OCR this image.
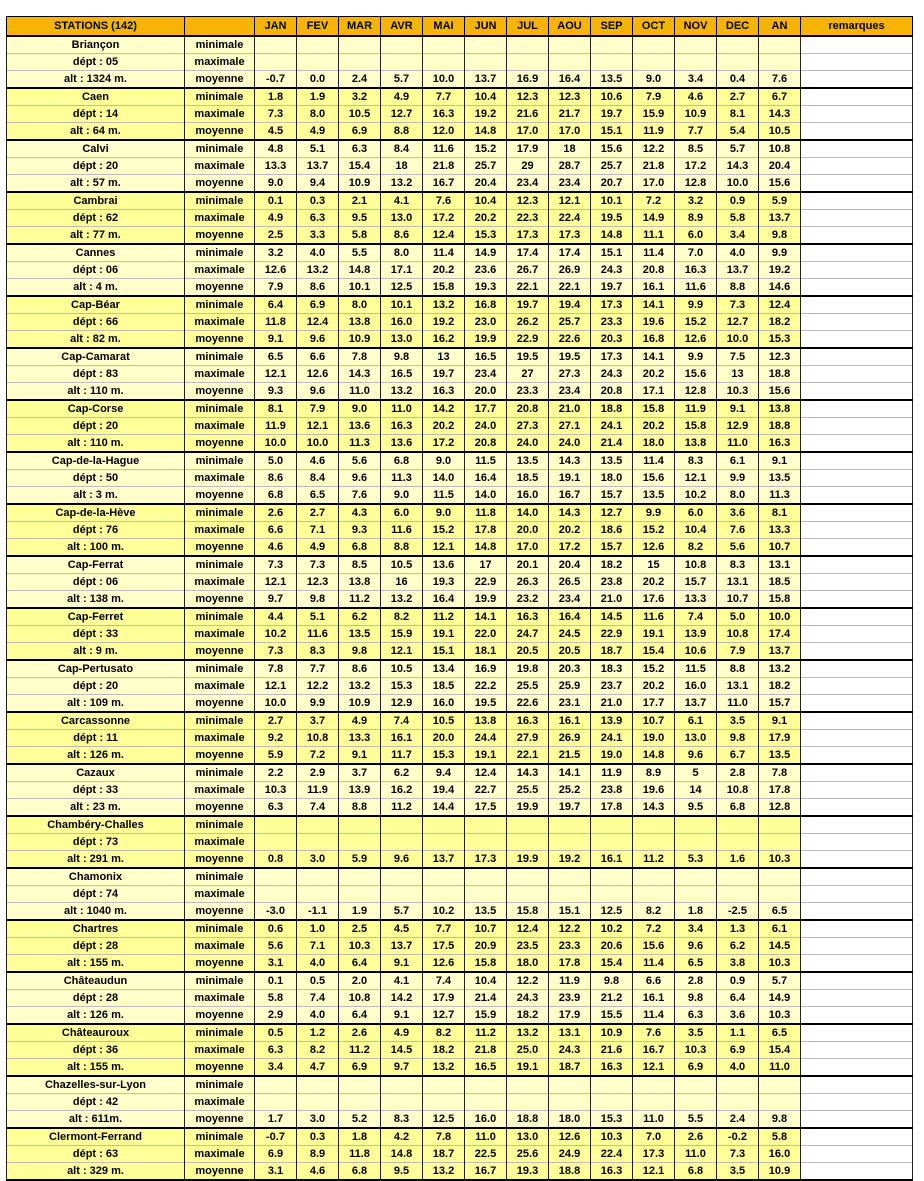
STATIONS (142)		JAN	FEV	MAR	AVR	MAI	JUN	JUL	AOU	SEP	OCT	NOV	DEC	AN	remarques
Briançon	minimale														
dépt : 05	maximale														
alt : 1324 m.	moyenne	-0.7	0.0	2.4	5.7	10.0	13.7	16.9	16.4	13.5	9.0	3.4	0.4	7.6	
Caen	minimale	1.8	1.9	3.2	4.9	7.7	10.4	12.3	12.3	10.6	7.9	4.6	2.7	6.7	
dépt : 14	maximale	7.3	8.0	10.5	12.7	16.3	19.2	21.6	21.7	19.7	15.9	10.9	8.1	14.3	
alt : 64 m.	moyenne	4.5	4.9	6.9	8.8	12.0	14.8	17.0	17.0	15.1	11.9	7.7	5.4	10.5	
Calvi	minimale	4.8	5.1	6.3	8.4	11.6	15.2	17.9	18	15.6	12.2	8.5	5.7	10.8	
dépt : 20	maximale	13.3	13.7	15.4	18	21.8	25.7	29	28.7	25.7	21.8	17.2	14.3	20.4	
alt : 57 m.	moyenne	9.0	9.4	10.9	13.2	16.7	20.4	23.4	23.4	20.7	17.0	12.8	10.0	15.6	
Cambrai	minimale	0.1	0.3	2.1	4.1	7.6	10.4	12.3	12.1	10.1	7.2	3.2	0.9	5.9	
dépt : 62	maximale	4.9	6.3	9.5	13.0	17.2	20.2	22.3	22.4	19.5	14.9	8.9	5.8	13.7	
alt : 77 m.	moyenne	2.5	3.3	5.8	8.6	12.4	15.3	17.3	17.3	14.8	11.1	6.0	3.4	9.8	
Cannes	minimale	3.2	4.0	5.5	8.0	11.4	14.9	17.4	17.4	15.1	11.4	7.0	4.0	9.9	
dépt : 06	maximale	12.6	13.2	14.8	17.1	20.2	23.6	26.7	26.9	24.3	20.8	16.3	13.7	19.2	
alt : 4 m.	moyenne	7.9	8.6	10.1	12.5	15.8	19.3	22.1	22.1	19.7	16.1	11.6	8.8	14.6	
Cap-Béar	minimale	6.4	6.9	8.0	10.1	13.2	16.8	19.7	19.4	17.3	14.1	9.9	7.3	12.4	
dépt : 66	maximale	11.8	12.4	13.8	16.0	19.2	23.0	26.2	25.7	23.3	19.6	15.2	12.7	18.2	
alt : 82 m.	moyenne	9.1	9.6	10.9	13.0	16.2	19.9	22.9	22.6	20.3	16.8	12.6	10.0	15.3	
Cap-Camarat	minimale	6.5	6.6	7.8	9.8	13	16.5	19.5	19.5	17.3	14.1	9.9	7.5	12.3	
dépt : 83	maximale	12.1	12.6	14.3	16.5	19.7	23.4	27	27.3	24.3	20.2	15.6	13	18.8	
alt : 110 m.	moyenne	9.3	9.6	11.0	13.2	16.3	20.0	23.3	23.4	20.8	17.1	12.8	10.3	15.6	
Cap-Corse	minimale	8.1	7.9	9.0	11.0	14.2	17.7	20.8	21.0	18.8	15.8	11.9	9.1	13.8	
dépt : 20	maximale	11.9	12.1	13.6	16.3	20.2	24.0	27.3	27.1	24.1	20.2	15.8	12.9	18.8	
alt : 110 m.	moyenne	10.0	10.0	11.3	13.6	17.2	20.8	24.0	24.0	21.4	18.0	13.8	11.0	16.3	
Cap-de-la-Hague	minimale	5.0	4.6	5.6	6.8	9.0	11.5	13.5	14.3	13.5	11.4	8.3	6.1	9.1	
dépt : 50	maximale	8.6	8.4	9.6	11.3	14.0	16.4	18.5	19.1	18.0	15.6	12.1	9.9	13.5	
alt : 3 m.	moyenne	6.8	6.5	7.6	9.0	11.5	14.0	16.0	16.7	15.7	13.5	10.2	8.0	11.3	
Cap-de-la-Hève	minimale	2.6	2.7	4.3	6.0	9.0	11.8	14.0	14.3	12.7	9.9	6.0	3.6	8.1	
dépt : 76	maximale	6.6	7.1	9.3	11.6	15.2	17.8	20.0	20.2	18.6	15.2	10.4	7.6	13.3	
alt : 100 m.	moyenne	4.6	4.9	6.8	8.8	12.1	14.8	17.0	17.2	15.7	12.6	8.2	5.6	10.7	
Cap-Ferrat	minimale	7.3	7.3	8.5	10.5	13.6	17	20.1	20.4	18.2	15	10.8	8.3	13.1	
dépt : 06	maximale	12.1	12.3	13.8	16	19.3	22.9	26.3	26.5	23.8	20.2	15.7	13.1	18.5	
alt : 138 m.	moyenne	9.7	9.8	11.2	13.2	16.4	19.9	23.2	23.4	21.0	17.6	13.3	10.7	15.8	
Cap-Ferret	minimale	4.4	5.1	6.2	8.2	11.2	14.1	16.3	16.4	14.5	11.6	7.4	5.0	10.0	
dépt : 33	maximale	10.2	11.6	13.5	15.9	19.1	22.0	24.7	24.5	22.9	19.1	13.9	10.8	17.4	
alt : 9 m.	moyenne	7.3	8.3	9.8	12.1	15.1	18.1	20.5	20.5	18.7	15.4	10.6	7.9	13.7	
Cap-Pertusato	minimale	7.8	7.7	8.6	10.5	13.4	16.9	19.8	20.3	18.3	15.2	11.5	8.8	13.2	
dépt : 20	maximale	12.1	12.2	13.2	15.3	18.5	22.2	25.5	25.9	23.7	20.2	16.0	13.1	18.2	
alt : 109 m.	moyenne	10.0	9.9	10.9	12.9	16.0	19.5	22.6	23.1	21.0	17.7	13.7	11.0	15.7	
Carcassonne	minimale	2.7	3.7	4.9	7.4	10.5	13.8	16.3	16.1	13.9	10.7	6.1	3.5	9.1	
dépt : 11	maximale	9.2	10.8	13.3	16.1	20.0	24.4	27.9	26.9	24.1	19.0	13.0	9.8	17.9	
alt : 126 m.	moyenne	5.9	7.2	9.1	11.7	15.3	19.1	22.1	21.5	19.0	14.8	9.6	6.7	13.5	
Cazaux	minimale	2.2	2.9	3.7	6.2	9.4	12.4	14.3	14.1	11.9	8.9	5	2.8	7.8	
dépt : 33	maximale	10.3	11.9	13.9	16.2	19.4	22.7	25.5	25.2	23.8	19.6	14	10.8	17.8	
alt : 23 m.	moyenne	6.3	7.4	8.8	11.2	14.4	17.5	19.9	19.7	17.8	14.3	9.5	6.8	12.8	
Chambéry-Challes	minimale														
dépt : 73	maximale														
alt : 291 m.	moyenne	0.8	3.0	5.9	9.6	13.7	17.3	19.9	19.2	16.1	11.2	5.3	1.6	10.3	
Chamonix	minimale														
dépt : 74	maximale														
alt : 1040 m.	moyenne	-3.0	-1.1	1.9	5.7	10.2	13.5	15.8	15.1	12.5	8.2	1.8	-2.5	6.5	
Chartres	minimale	0.6	1.0	2.5	4.5	7.7	10.7	12.4	12.2	10.2	7.2	3.4	1.3	6.1	
dépt : 28	maximale	5.6	7.1	10.3	13.7	17.5	20.9	23.5	23.3	20.6	15.6	9.6	6.2	14.5	
alt : 155 m.	moyenne	3.1	4.0	6.4	9.1	12.6	15.8	18.0	17.8	15.4	11.4	6.5	3.8	10.3	
Châteaudun	minimale	0.1	0.5	2.0	4.1	7.4	10.4	12.2	11.9	9.8	6.6	2.8	0.9	5.7	
dépt : 28	maximale	5.8	7.4	10.8	14.2	17.9	21.4	24.3	23.9	21.2	16.1	9.8	6.4	14.9	
alt : 126 m.	moyenne	2.9	4.0	6.4	9.1	12.7	15.9	18.2	17.9	15.5	11.4	6.3	3.6	10.3	
Châteauroux	minimale	0.5	1.2	2.6	4.9	8.2	11.2	13.2	13.1	10.9	7.6	3.5	1.1	6.5	
dépt : 36	maximale	6.3	8.2	11.2	14.5	18.2	21.8	25.0	24.3	21.6	16.7	10.3	6.9	15.4	
alt : 155 m.	moyenne	3.4	4.7	6.9	9.7	13.2	16.5	19.1	18.7	16.3	12.1	6.9	4.0	11.0	
Chazelles-sur-Lyon	minimale														
dépt : 42	maximale														
alt : 611m.	moyenne	1.7	3.0	5.2	8.3	12.5	16.0	18.8	18.0	15.3	11.0	5.5	2.4	9.8	
Clermont-Ferrand	minimale	-0.7	0.3	1.8	4.2	7.8	11.0	13.0	12.6	10.3	7.0	2.6	-0.2	5.8	
dépt : 63	maximale	6.9	8.9	11.8	14.8	18.7	22.5	25.6	24.9	22.4	17.3	11.0	7.3	16.0	
alt : 329 m.	moyenne	3.1	4.6	6.8	9.5	13.2	16.7	19.3	18.8	16.3	12.1	6.8	3.5	10.9	
